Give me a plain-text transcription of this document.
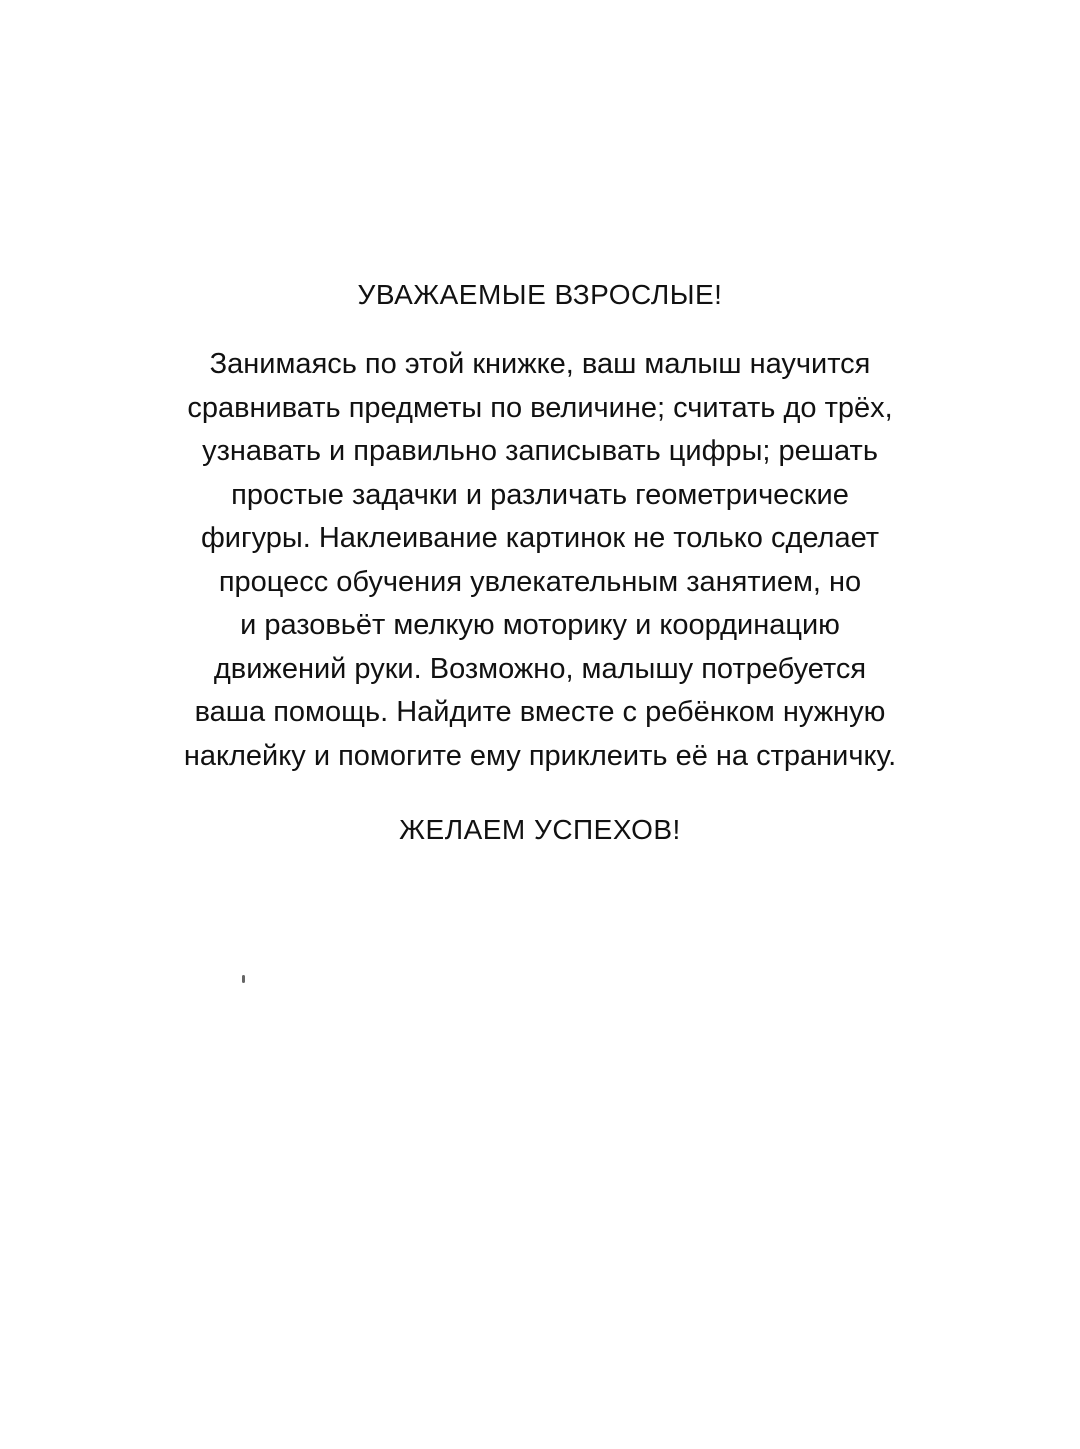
УВАЖАЕМЫЕ ВЗРОСЛЫЕ!
Занимаясь по этой книжке, ваш малыш научится
сравнивать предметы по величине; считать до трёх,
узнавать и правильно записывать цифры; решать
простые задачки и различать геометрические
фигуры. Наклеивание картинок не только сделает
процесс обучения увлекательным занятием, но
и разовьёт мелкую моторику и координацию
движений руки. Возможно, малышу потребуется
ваша помощь. Найдите вместе с ребёнком нужную
наклейку и помогите ему приклеить её на страничку.
ЖЕЛАЕМ УСПЕХОВ!
